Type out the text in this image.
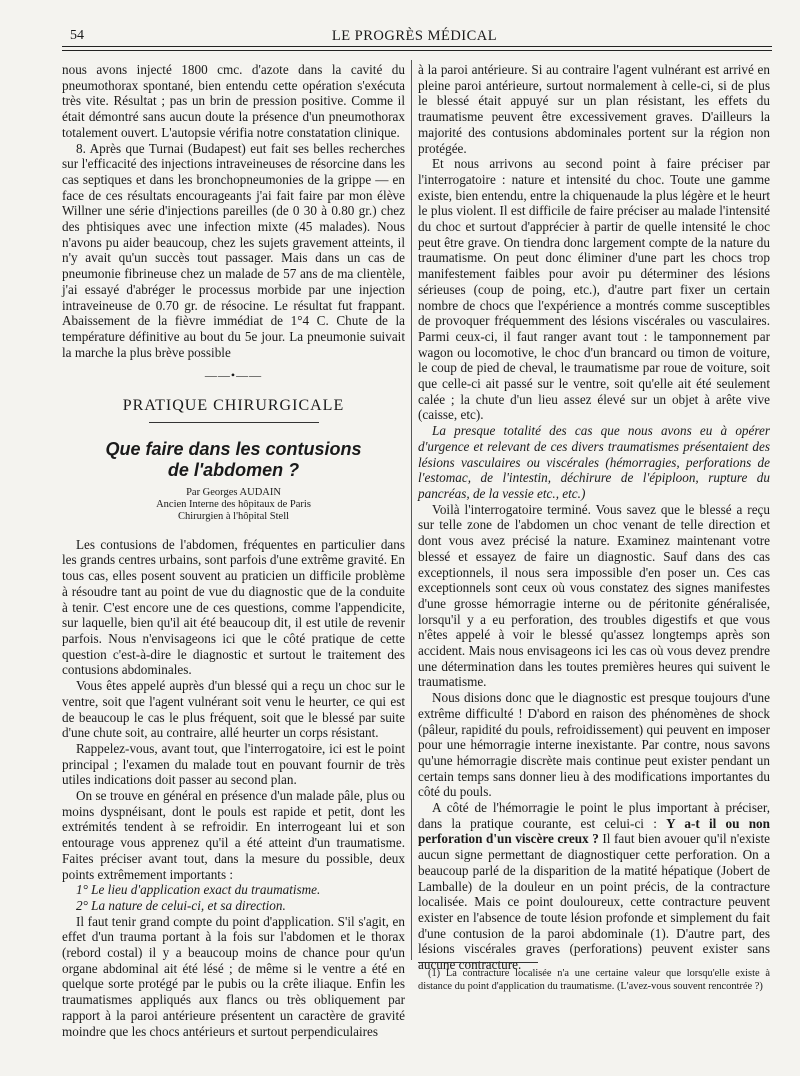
54	LE PROGRÈS MÉDICAL

nous avons injecté 1800 cmc. d'azote dans la cavité du pneumothorax spontané, bien entendu cette opération s'exécuta très vite. Résultat ; pas un brin de pression positive. Comme il était démontré sans aucun doute la présence d'un pneumothorax totalement ouvert. L'autopsie vérifia notre constatation clinique.

8. Après que Turnai (Budapest) eut fait ses belles recherches sur l'efficacité des injections intraveineuses de résorcine dans les cas septiques et dans les bronchopneumonies de la grippe — en face de ces résultats encourageants j'ai fait faire par mon élève Willner une série d'injections pareilles (de 0 30 à 0.80 gr.) chez des phtisiques avec une infection mixte (45 malades). Nous n'avons pu aider beaucoup, chez les sujets gravement atteints, il n'y avait qu'un succès tout passager. Mais dans un cas de pneumonie fibrineuse chez un malade de 57 ans de ma clientèle, j'ai essayé d'abréger le processus morbide par une injection intraveineuse de 0.70 gr. de résocine. Le résultat fut frappant. Abaissement de la fièvre immédiat de 1°4 C. Chute de la température définitive au bout du 5e jour. La pneumonie suivait la marche la plus brève possible

——•——
PRATIQUE CHIRURGICALE
Que faire dans les contusions
de l'abdomen ?
Par Georges AUDAIN
Ancien Interne des hôpitaux de Paris
Chirurgien à l'hôpital Stell

Les contusions de l'abdomen, fréquentes en particulier dans les grands centres urbains, sont parfois d'une extrême gravité. En tous cas, elles posent souvent au praticien un difficile problème à résoudre tant au point de vue du diagnostic que de la conduite à tenir. C'est encore une de ces questions, comme l'appendicite, sur laquelle, bien qu'il ait été beaucoup dit, il est utile de revenir parfois. Nous n'envisageons ici que le côté pratique de cette question c'est-à-dire le diagnostic et surtout le traitement des contusions abdominales.

Vous êtes appelé auprès d'un blessé qui a reçu un choc sur le ventre, soit que l'agent vulnérant soit venu le heurter, ce qui est de beaucoup le cas le plus fréquent, soit que le blessé par suite d'une chute soit, au contraire, allé heurter un corps résistant.

Rappelez-vous, avant tout, que l'interrogatoire, ici est le point principal ; l'examen du malade tout en pouvant fournir de très utiles indications doit passer au second plan.

On se trouve en général en présence d'un malade pâle, plus ou moins dyspnéisant, dont le pouls est rapide et petit, dont les extrémités tendent à se refroidir. En interrogeant lui et son entourage vous apprenez qu'il a été atteint d'un traumatisme. Faites préciser avant tout, dans la mesure du possible, deux points extrêmement importants :

1° Le lieu d'application exact du traumatisme.

2° La nature de celui-ci, et sa direction.

Il faut tenir grand compte du point d'application. S'il s'agit, en effet d'un trauma portant à la fois sur l'abdomen et le thorax (rebord costal) il y a beaucoup moins de chance pour qu'un organe abdominal ait été lésé ; de même si le ventre a été en quelque sorte protégé par le pubis ou la crête iliaque. Enfin les traumatismes appliqués aux flancs ou très obliquement par rapport à la paroi antérieure présentent un caractère de gravité moindre que les chocs antérieurs et surtout perpendiculaires

à la paroi antérieure. Si au contraire l'agent vulnérant est arrivé en pleine paroi antérieure, surtout normalement à celle-ci, si de plus le blessé était appuyé sur un plan résistant, les effets du traumatisme peuvent être excessivement graves. D'ailleurs la majorité des contusions abdominales portent sur la région non protégée.

Et nous arrivons au second point à faire préciser par l'interrogatoire : nature et intensité du choc. Toute une gamme existe, bien entendu, entre la chiquenaude la plus légère et le heurt le plus violent. Il est difficile de faire préciser au malade l'intensité du choc et surtout d'apprécier à partir de quelle intensité le choc peut être grave. On tiendra donc largement compte de la nature du traumatisme. On peut donc éliminer d'une part les chocs trop manifestement faibles pour avoir pu déterminer des lésions sérieuses (coup de poing, etc.), d'autre part fixer un certain nombre de chocs que l'expérience a montrés comme susceptibles de provoquer fréquemment des lésions viscérales ou vasculaires. Parmi ceux-ci, il faut ranger avant tout : le tamponnement par wagon ou locomotive, le choc d'un brancard ou timon de voiture, le coup de pied de cheval, le traumatisme par roue de voiture, soit que celle-ci ait passé sur le ventre, soit qu'elle ait été seulement calée ; la chute d'un lieu assez élevé sur un objet à arête vive (caisse, etc).

La presque totalité des cas que nous avons eu à opérer d'urgence et relevant de ces divers traumatismes présentaient des lésions vasculaires ou viscérales (hémorragies, perforations de l'estomac, de l'intestin, déchirure de l'épiploon, rupture du pancréas, de la vessie etc., etc.)

Voilà l'interrogatoire terminé. Vous savez que le blessé a reçu sur telle zone de l'abdomen un choc venant de telle direction et dont vous avez précisé la nature. Examinez maintenant votre blessé et essayez de faire un diagnostic. Sauf dans des cas exceptionnels, il nous sera impossible d'en poser un. Ces cas exceptionnels sont ceux où vous constatez des signes manifestes d'une grosse hémorragie interne ou de péritonite généralisée, lorsqu'il y a eu perforation, des troubles digestifs et que vous n'êtes appelé à voir le blessé qu'assez longtemps après son accident. Mais nous envisageons ici les cas où vous devez prendre une détermination dans les toutes premières heures qui suivent le traumatisme.

Nous disions donc que le diagnostic est presque toujours d'une extrême difficulté ! D'abord en raison des phénomènes de shock (pâleur, rapidité du pouls, refroidissement) qui peuvent en imposer pour une hémorragie interne inexistante. Par contre, nous savons qu'une hémorragie discrète mais continue peut exister pendant un certain temps sans donner lieu à des modifications importantes du côté du pouls.

A côté de l'hémorragie le point le plus important à préciser, dans la pratique courante, est celui-ci : Y a-t il ou non perforation d'un viscère creux ? Il faut bien avouer qu'il n'existe aucun signe permettant de diagnostiquer cette perforation. On a beaucoup parlé de la disparition de la matité hépatique (Jobert de Lamballe) de la douleur en un point précis, de la contracture localisée. Mais ce point douloureux, cette contracture peuvent exister en l'absence de toute lésion profonde et simplement du fait d'une contusion de la paroi abdominale (1). D'autre part, des lésions viscérales graves (perforations) peuvent exister sans aucune contracture.

(1) La contracture localisée n'a une certaine valeur que lorsqu'elle existe à distance du point d'application du traumatisme. (L'avez-vous souvent rencontrée ?)
